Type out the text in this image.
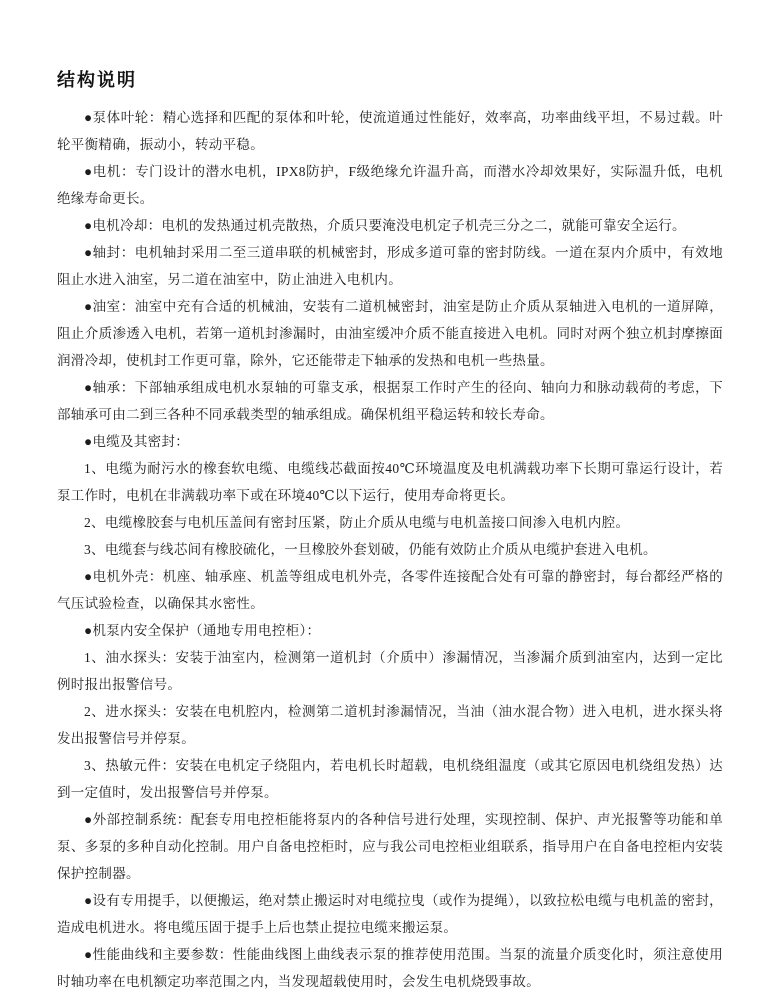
结构说明

●泵体叶轮：精心选择和匹配的泵体和叶轮，使流道通过性能好，效率高，功率曲线平坦，不易过载。叶轮平衡精确，振动小，转动平稳。

●电机：专门设计的潜水电机，IPX8防护，F级绝缘允许温升高，而潜水冷却效果好，实际温升低，电机绝缘寿命更长。

●电机冷却：电机的发热通过机壳散热，介质只要淹没电机定子机壳三分之二，就能可靠安全运行。

●轴封：电机轴封采用二至三道串联的机械密封，形成多道可靠的密封防线。一道在泵内介质中，有效地阻止水进入油室，另二道在油室中，防止油进入电机内。

●油室：油室中充有合适的机械油，安装有二道机械密封，油室是防止介质从泵轴进入电机的一道屏障，阻止介质渗透入电机，若第一道机封渗漏时，由油室缓冲介质不能直接进入电机。同时对两个独立机封摩擦面润滑冷却，使机封工作更可靠，除外，它还能带走下轴承的发热和电机一些热量。

●轴承：下部轴承组成电机水泵轴的可靠支承，根据泵工作时产生的径向、轴向力和脉动载荷的考虑，下部轴承可由二到三各种不同承载类型的轴承组成。确保机组平稳运转和较长寿命。

●电缆及其密封：

1、电缆为耐污水的橡套软电缆、电缆线芯截面按40℃环境温度及电机满载功率下长期可靠运行设计，若泵工作时，电机在非满载功率下或在环境40℃以下运行，使用寿命将更长。

2、电缆橡胶套与电机压盖间有密封压紧，防止介质从电缆与电机盖接口间渗入电机内腔。

3、电缆套与线芯间有橡胶硫化，一旦橡胶外套划破，仍能有效防止介质从电缆护套进入电机。

●电机外壳：机座、轴承座、机盖等组成电机外壳，各零件连接配合处有可靠的静密封，每台都经严格的气压试验检查，以确保其水密性。

●机泵内安全保护（通地专用电控柜）：

1、油水探头：安装于油室内，检测第一道机封（介质中）渗漏情况，当渗漏介质到油室内，达到一定比例时报出报警信号。

2、进水探头：安装在电机腔内，检测第二道机封渗漏情况，当油（油水混合物）进入电机，进水探头将发出报警信号并停泵。

3、热敏元件：安装在电机定子绕阻内，若电机长时超载，电机绕组温度（或其它原因电机绕组发热）达到一定值时，发出报警信号并停泵。

●外部控制系统：配套专用电控柜能将泵内的各种信号进行处理，实现控制、保护、声光报警等功能和单泵、多泵的多种自动化控制。用户自备电控柜时，应与我公司电控柜业组联系，指导用户在自备电控柜内安装保护控制器。

●设有专用提手，以便搬运，绝对禁止搬运时对电缆拉曳（或作为提绳），以致拉松电缆与电机盖的密封，造成电机进水。将电缆压固于提手上后也禁止提拉电缆来搬运泵。

●性能曲线和主要参数：性能曲线图上曲线表示泵的推荐使用范围。当泵的流量介质变化时，须注意使用时轴功率在电机额定功率范围之内，当发现超载使用时，会发生电机烧毁事故。
